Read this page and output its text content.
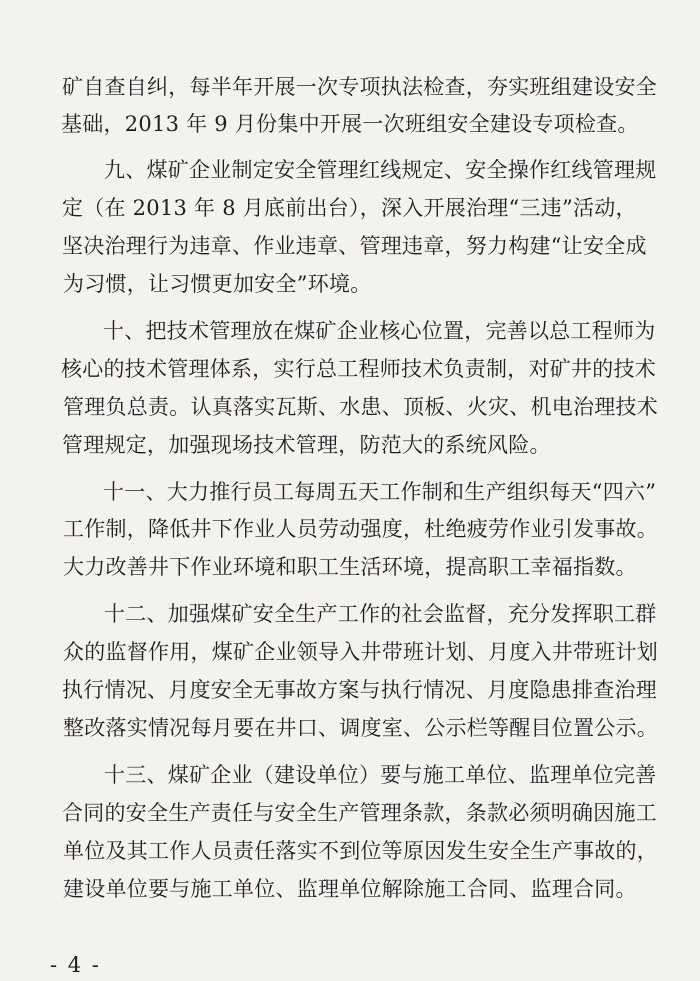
矿自查自纠，每半年开展一次专项执法检查，夯实班组建设安全
基础，2013 年 9 月份集中开展一次班组安全建设专项检查。
九、煤矿企业制定安全管理红线规定、安全操作红线管理规
定（在 2013 年 8 月底前出台），深入开展治理“三违”活动，
坚决治理行为违章、作业违章、管理违章，努力构建“让安全成
为习惯，让习惯更加安全”环境。
十、把技术管理放在煤矿企业核心位置，完善以总工程师为
核心的技术管理体系，实行总工程师技术负责制，对矿井的技术
管理负总责。认真落实瓦斯、水患、顶板、火灾、机电治理技术
管理规定，加强现场技术管理，防范大的系统风险。
十一、大力推行员工每周五天工作制和生产组织每天“四六”
工作制，降低井下作业人员劳动强度，杜绝疲劳作业引发事故。
大力改善井下作业环境和职工生活环境，提高职工幸福指数。
十二、加强煤矿安全生产工作的社会监督，充分发挥职工群
众的监督作用，煤矿企业领导入井带班计划、月度入井带班计划
执行情况、月度安全无事故方案与执行情况、月度隐患排查治理
整改落实情况每月要在井口、调度室、公示栏等醒目位置公示。
十三、煤矿企业（建设单位）要与施工单位、监理单位完善
合同的安全生产责任与安全生产管理条款，条款必须明确因施工
单位及其工作人员责任落实不到位等原因发生安全生产事故的，
建设单位要与施工单位、监理单位解除施工合同、监理合同。
- 4 -
